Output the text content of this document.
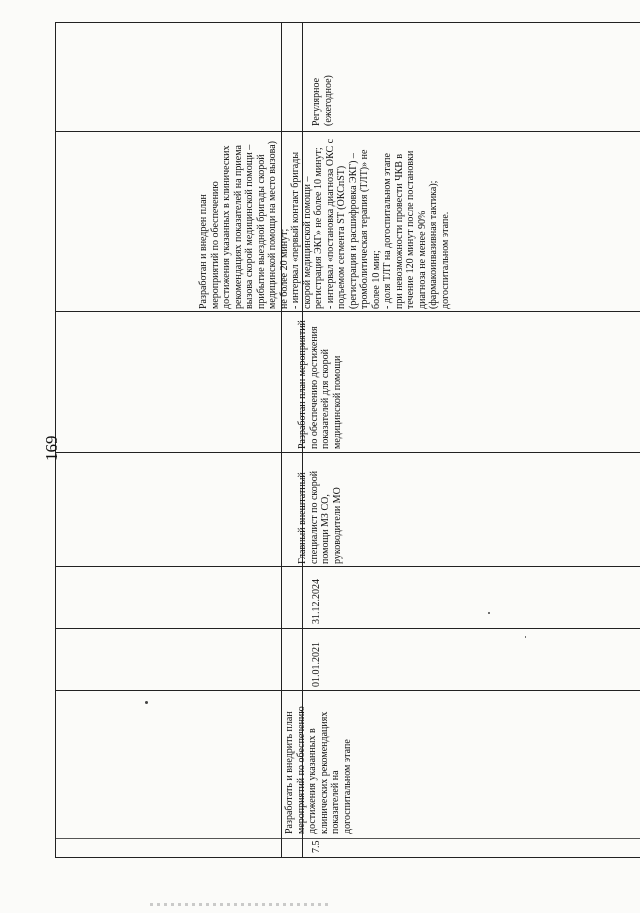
169
7.5
Разработать и внедрить план
мероприятий по обеспечению
достижения указанных в
клинических рекомендациях
показателей на
догоспитальном этапе
01.01.2021
31.12.2024
Главный внештатный
специалист по скорой
помощи МЗ СО,
руководители МО
Разработан план мероприятий
по обеспечению достижения
показателей для скорой
медицинской помощи
Разработан и внедрен план
мероприятий по обеспечению
достижения указанных в клинических
рекомендациях показателей на приема
вызова скорой медицинской помощи –
прибытие выездной бригады скорой
медицинской помощи на место вызова)
не более 20 минут;
- интервал «первый контакт бригады
скорой медицинской помощи –
регистрация ЭКГ» не более 10 минут;
- интервал «постановка диагноза ОКС с
подъемом сегмента ST (ОКСпST)
(регистрация и расшифровка ЭКГ) –
тромболитическая терапия (ТЛТ)» не
более 10 мин;
- доля ТЛТ на догоспитальном этапе
при невозможности провести ЧКВ в
течение 120 минут после постановки
диагноза не менее 90%
(фармакоинвазивная тактика);
догоспитальном этапе.
Регулярное (ежегодное)
